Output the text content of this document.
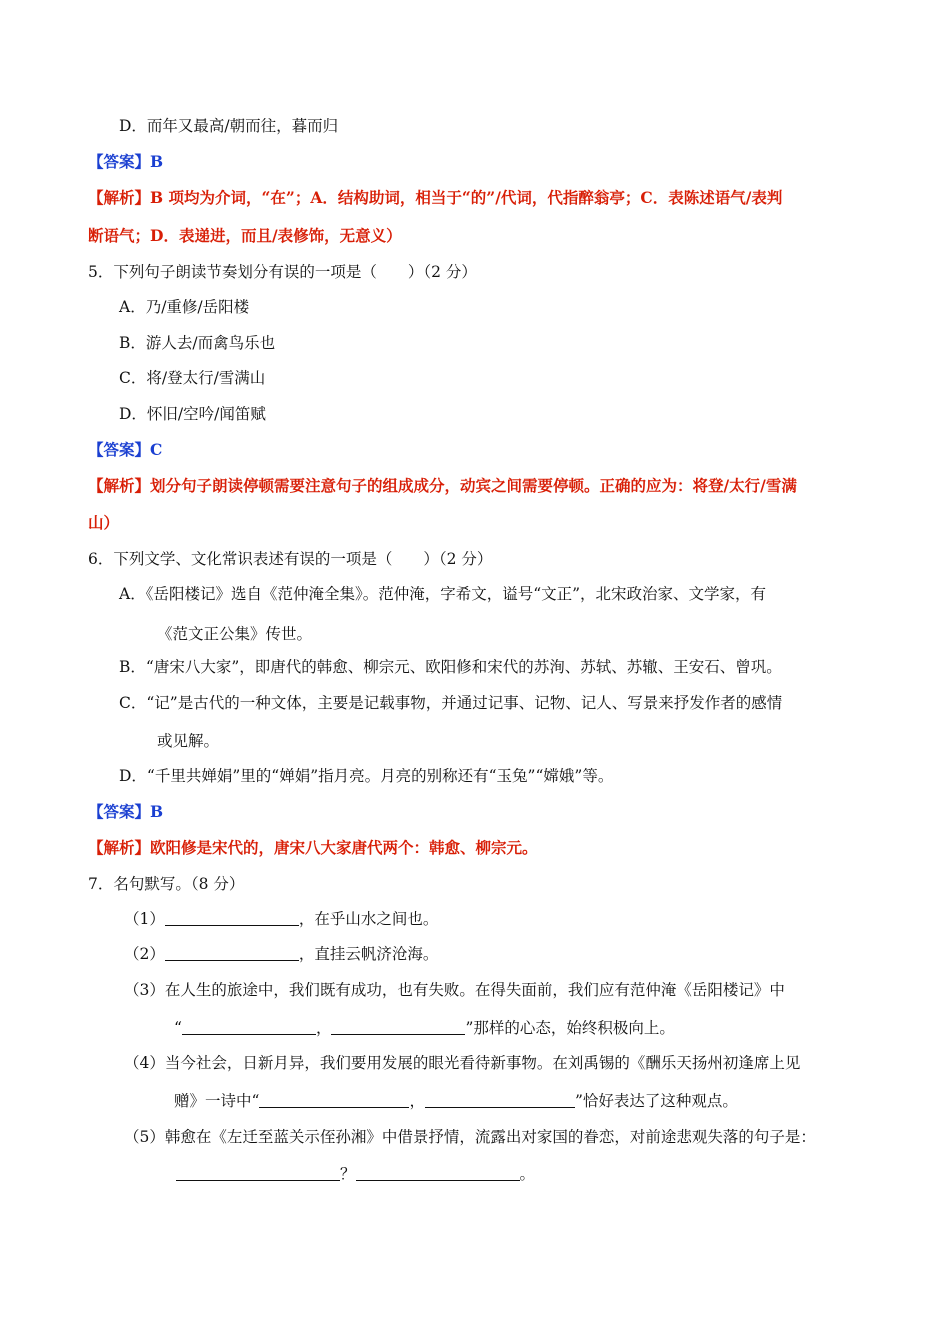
D．而年又最高/朝而往，暮而归
【答案】B
【解析】B 项均为介词，“在”；A．结构助词，相当于“的”/代词，代指醉翁亭；C．表陈述语气/表判
断语气；D．表递进，而且/表修饰，无意义）
5．下列句子朗读节奏划分有误的一项是（　　）（2 分）
A．乃/重修/岳阳楼
B．游人去/而禽鸟乐也
C．将/登太行/雪满山
D．怀旧/空吟/闻笛赋
【答案】C
【解析】划分句子朗读停顿需要注意句子的组成成分，动宾之间需要停顿。正确的应为：将登/太行/雪满
山）
6．下列文学、文化常识表述有误的一项是（　　）（2 分）
A．《岳阳楼记》选自《范仲淹全集》。范仲淹，字希文，谥号“文正”，北宋政治家、文学家，有
《范文正公集》传世。
B．“唐宋八大家”，即唐代的韩愈、柳宗元、欧阳修和宋代的苏洵、苏轼、苏辙、王安石、曾巩。
C．“记”是古代的一种文体，主要是记载事物，并通过记事、记物、记人、写景来抒发作者的感情
或见解。
D．“千里共婵娟”里的“婵娟”指月亮。月亮的别称还有“玉兔”“嫦娥”等。
【答案】B
【解析】欧阳修是宋代的，唐宋八大家唐代两个：韩愈、柳宗元。
7．名句默写。（8 分）
（1）	，在乎山水之间也。
（2）	，直挂云帆济沧海。
（3）在人生的旅途中，我们既有成功，也有失败。在得失面前，我们应有范仲淹《岳阳楼记》中
“	，	”那样的心态，始终积极向上。
（4）当今社会，日新月异，我们要用发展的眼光看待新事物。在刘禹锡的《酬乐天扬州初逢席上见
赠》一诗中“	，	”恰好表达了这种观点。
（5）韩愈在《左迁至蓝关示侄孙湘》中借景抒情，流露出对家国的眷恋，对前途悲观失落的句子是：
？	。
